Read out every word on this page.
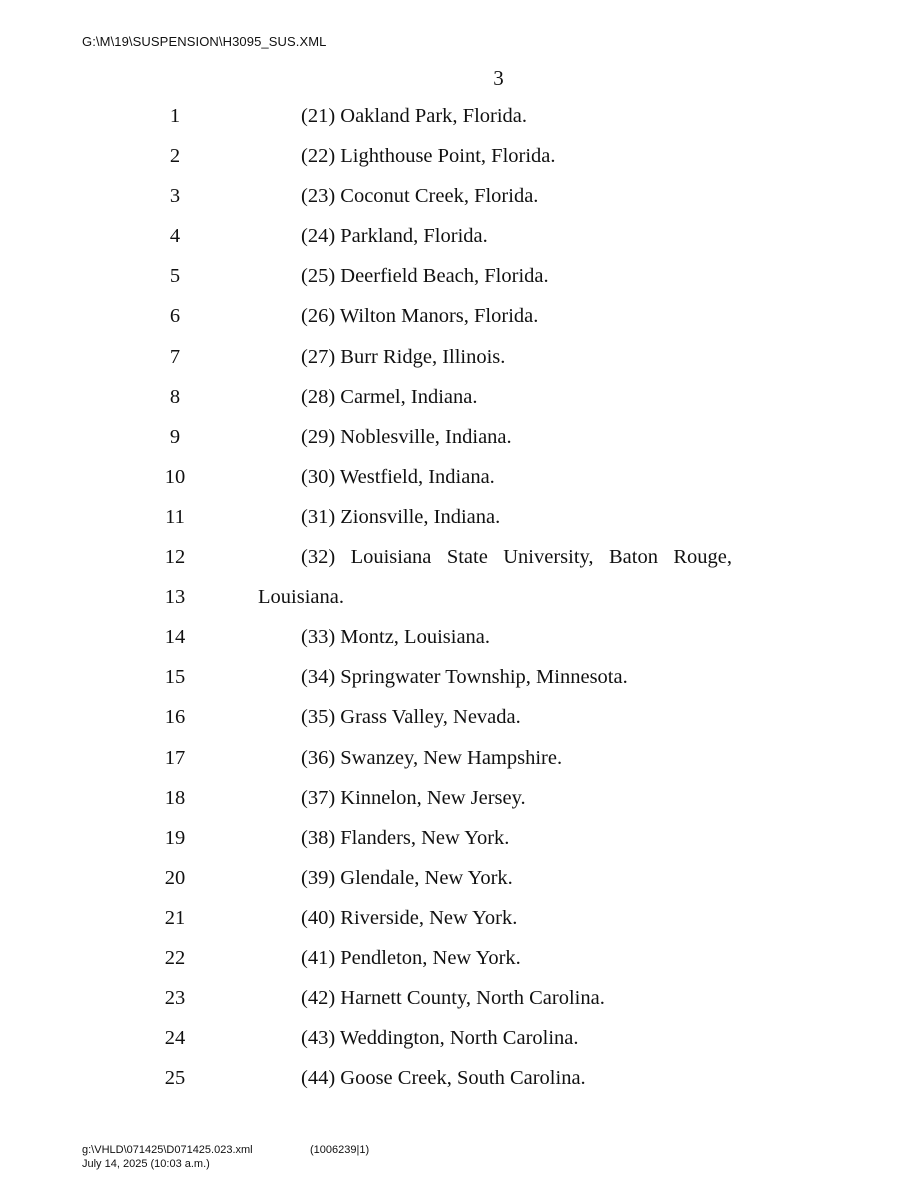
G:\M\19\SUSPENSION\H3095_SUS.XML
3
1	(21) Oakland Park, Florida.
2	(22) Lighthouse Point, Florida.
3	(23) Coconut Creek, Florida.
4	(24) Parkland, Florida.
5	(25) Deerfield Beach, Florida.
6	(26) Wilton Manors, Florida.
7	(27) Burr Ridge, Illinois.
8	(28) Carmel, Indiana.
9	(29) Noblesville, Indiana.
10	(30) Westfield, Indiana.
11	(31) Zionsville, Indiana.
12	(32) Louisiana State University, Baton Rouge,
13	Louisiana.
14	(33) Montz, Louisiana.
15	(34) Springwater Township, Minnesota.
16	(35) Grass Valley, Nevada.
17	(36) Swanzey, New Hampshire.
18	(37) Kinnelon, New Jersey.
19	(38) Flanders, New York.
20	(39) Glendale, New York.
21	(40) Riverside, New York.
22	(41) Pendleton, New York.
23	(42) Harnett County, North Carolina.
24	(43) Weddington, North Carolina.
25	(44) Goose Creek, South Carolina.
g:\VHLD\071425\D071425.023.xml
July 14, 2025 (10:03 a.m.)
(1006239|1)
